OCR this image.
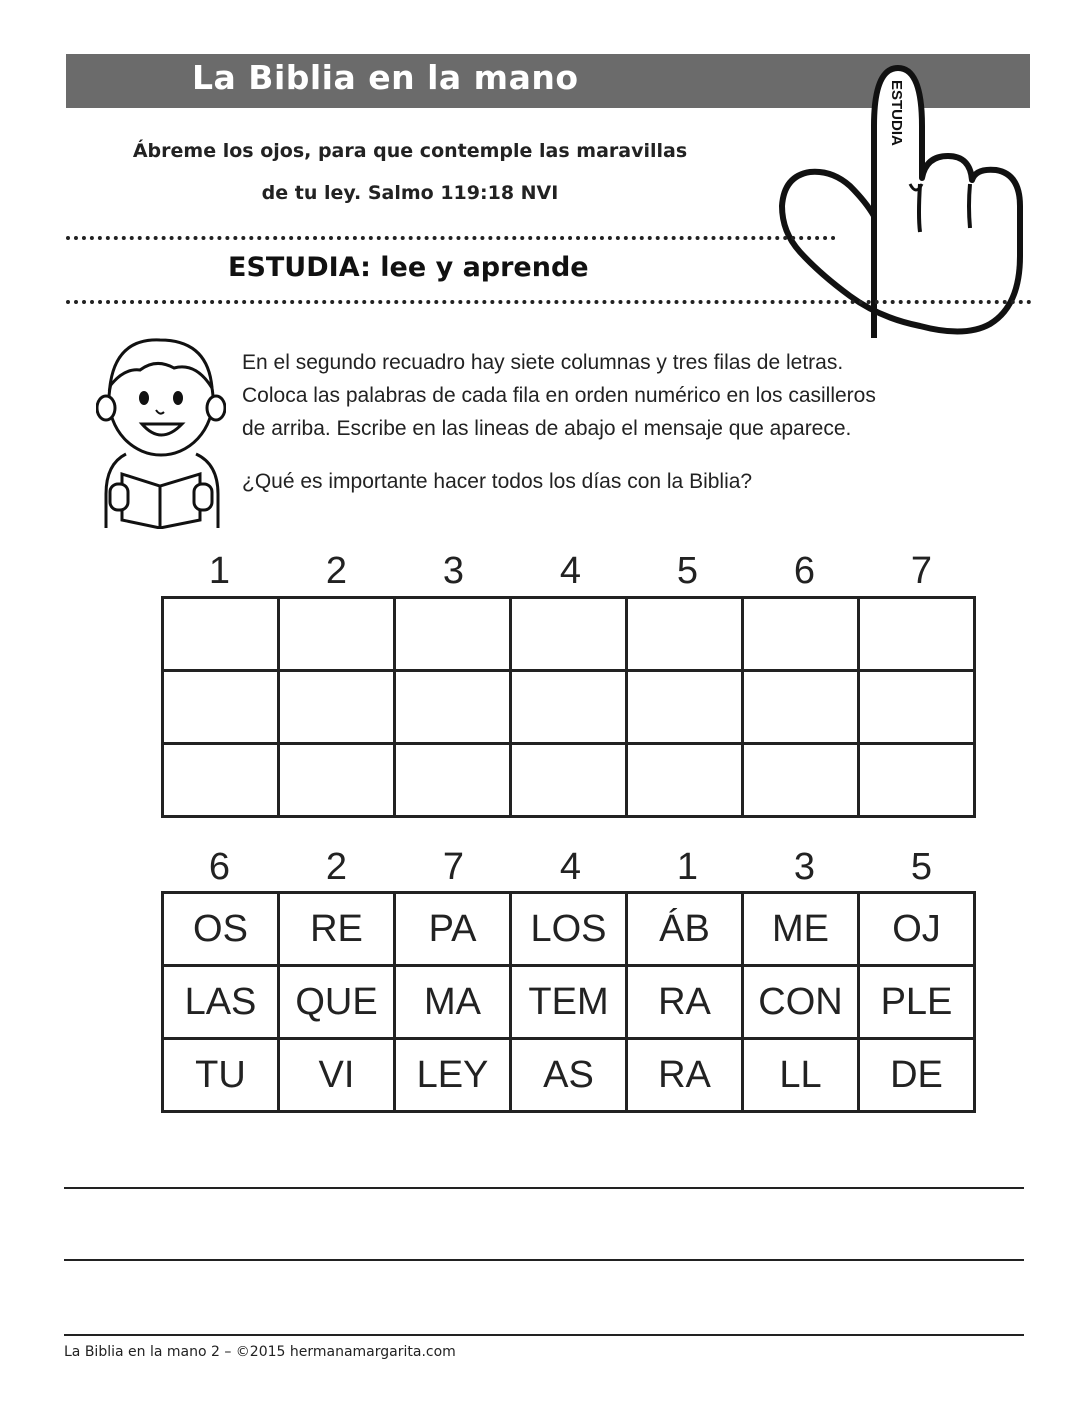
La Biblia en la mano
ESTUDIA
Ábreme los ojos, para que contemple las maravillas
de tu ley. Salmo 119:18 NVI
ESTUDIA: lee y aprende
En el segundo recuadro hay siete columnas y tres filas de letras.
Coloca las palabras de cada fila en orden numérico en los casilleros
de arriba. Escribe en las lineas de abajo el mensaje que aparece.
¿Qué es importante hacer todos los días con la Biblia?
1	2	3	4	5	6	7

6	2	7	4	1	3	5
OS	RE	PA	LOS	ÁB	ME	OJ
LAS	QUE	MA	TEM	RA	CON	PLE
TU	VI	LEY	AS	RA	LL	DE
La Biblia en la mano 2 – ©2015 hermanamargarita.com
